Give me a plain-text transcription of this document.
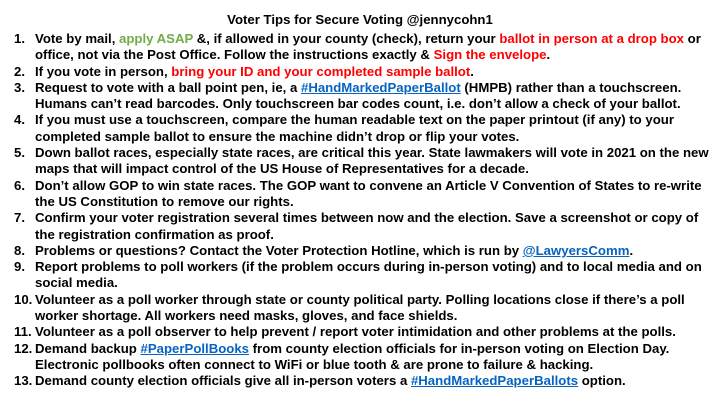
Voter Tips for Secure Voting @jennycohn1
1. Vote by mail, apply ASAP &, if allowed in your county (check), return your ballot in person at a drop box or office, not via the Post Office. Follow the instructions exactly & Sign the envelope.
2. If you vote in person, bring your ID and your completed sample ballot.
3. Request to vote with a ball point pen, ie, a #HandMarkedPaperBallot (HMPB) rather than a touchscreen. Humans can’t read barcodes. Only touchscreen bar codes count, i.e. don’t allow a check of your ballot.
4. If you must use a touchscreen, compare the human readable text on the paper printout (if any) to your completed sample ballot to ensure the machine didn’t drop or flip your votes.
5. Down ballot races, especially state races, are critical this year. State lawmakers will vote in 2021 on the new maps that will impact control of the US House of Representatives for a decade.
6. Don’t allow GOP to win state races. The GOP want to convene an Article V Convention of States to re-write the US Constitution to remove our rights.
7. Confirm your voter registration several times between now and the election. Save a screenshot or copy of the registration confirmation as proof.
8. Problems or questions? Contact the Voter Protection Hotline, which is run by @LawyersComm.
9. Report problems to poll workers (if the problem occurs during in-person voting) and to local media and on social media.
10. Volunteer as a poll worker through state or county political party. Polling locations close if there’s a poll worker shortage. All workers need masks, gloves, and face shields.
11. Volunteer as a poll observer to help prevent / report voter intimidation and other problems at the polls.
12. Demand backup #PaperPollBooks from county election officials for in-person voting on Election Day. Electronic pollbooks often connect to WiFi or blue tooth & are prone to failure & hacking.
13. Demand county election officials give all in-person voters a #HandMarkedPaperBallots option.
